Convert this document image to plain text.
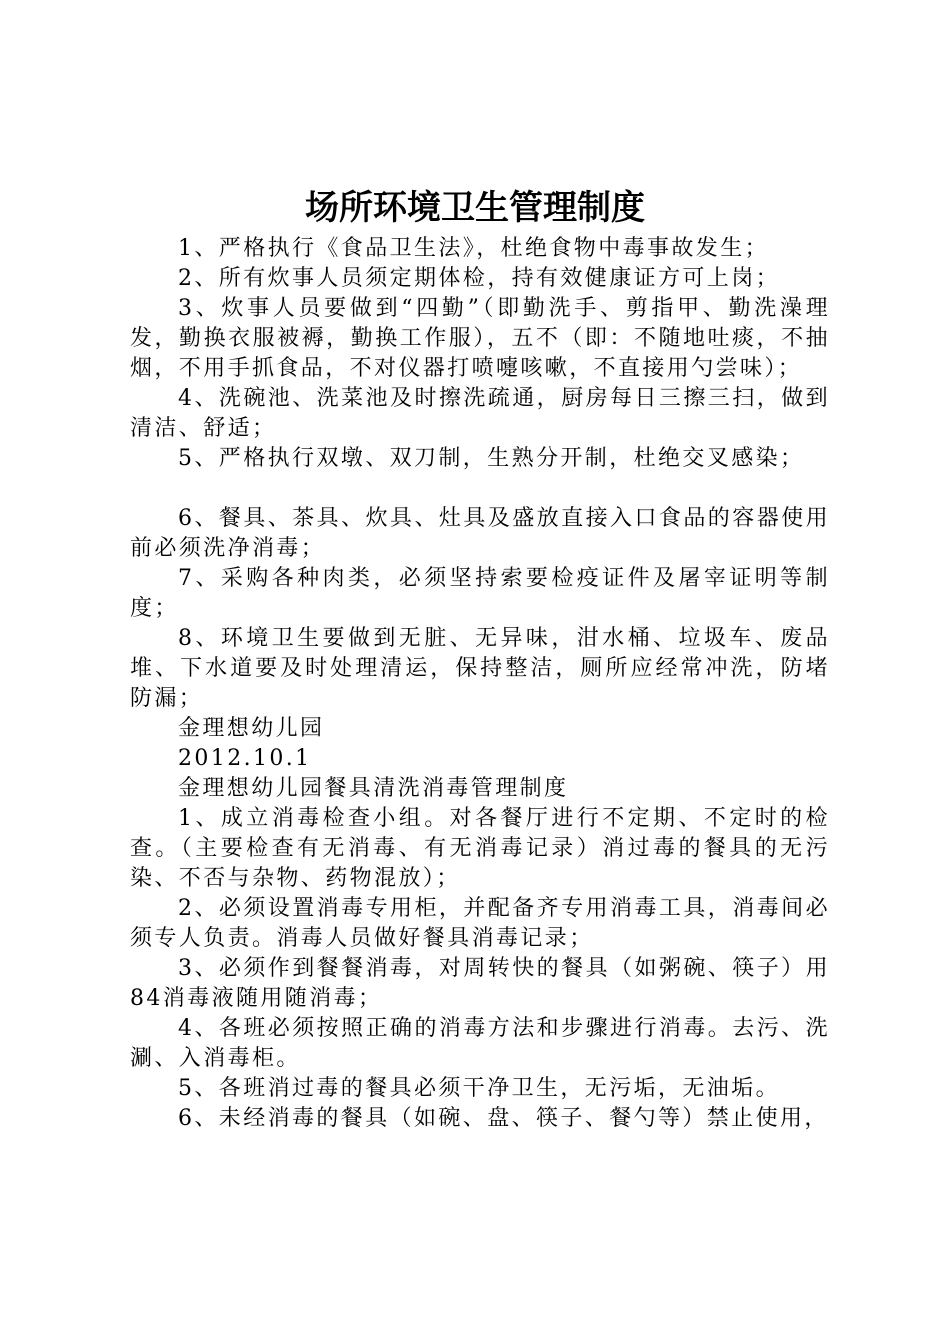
场所环境卫生管理制度

1、严格执行《食品卫生法》，杜绝食物中毒事故发生；

2、所有炊事人员须定期体检，持有效健康证方可上岗；

3、炊事人员要做到“四勤”（即勤洗手、剪指甲、勤洗澡理发，勤换衣服被褥，勤换工作服），五不（即：不随地吐痰，不抽烟，不用手抓食品，不对仪器打喷嚏咳嗽，不直接用勺尝味）；

4、洗碗池、洗菜池及时擦洗疏通，厨房每日三擦三扫，做到清洁、舒适；

5、严格执行双墩、双刀制，生熟分开制，杜绝交叉感染；

6、餐具、茶具、炊具、灶具及盛放直接入口食品的容器使用前必须洗净消毒；

7、采购各种肉类，必须坚持索要检疫证件及屠宰证明等制度；

8、环境卫生要做到无脏、无异味，泔水桶、垃圾车、废品堆、下水道要及时处理清运，保持整洁，厕所应经常冲洗，防堵防漏；

金理想幼儿园

2012.10.1

金理想幼儿园餐具清洗消毒管理制度

1、成立消毒检查小组。对各餐厅进行不定期、不定时的检查。（主要检查有无消毒、有无消毒记录）消过毒的餐具的无污染、不否与杂物、药物混放）；

2、必须设置消毒专用柜，并配备齐专用消毒工具，消毒间必须专人负责。消毒人员做好餐具消毒记录；

3、必须作到餐餐消毒，对周转快的餐具（如粥碗、筷子）用84消毒液随用随消毒；

4、各班必须按照正确的消毒方法和步骤进行消毒。去污、洗涮、入消毒柜。

5、各班消过毒的餐具必须干净卫生，无污垢，无油垢。

6、未经消毒的餐具（如碗、盘、筷子、餐勺等）禁止使用，
